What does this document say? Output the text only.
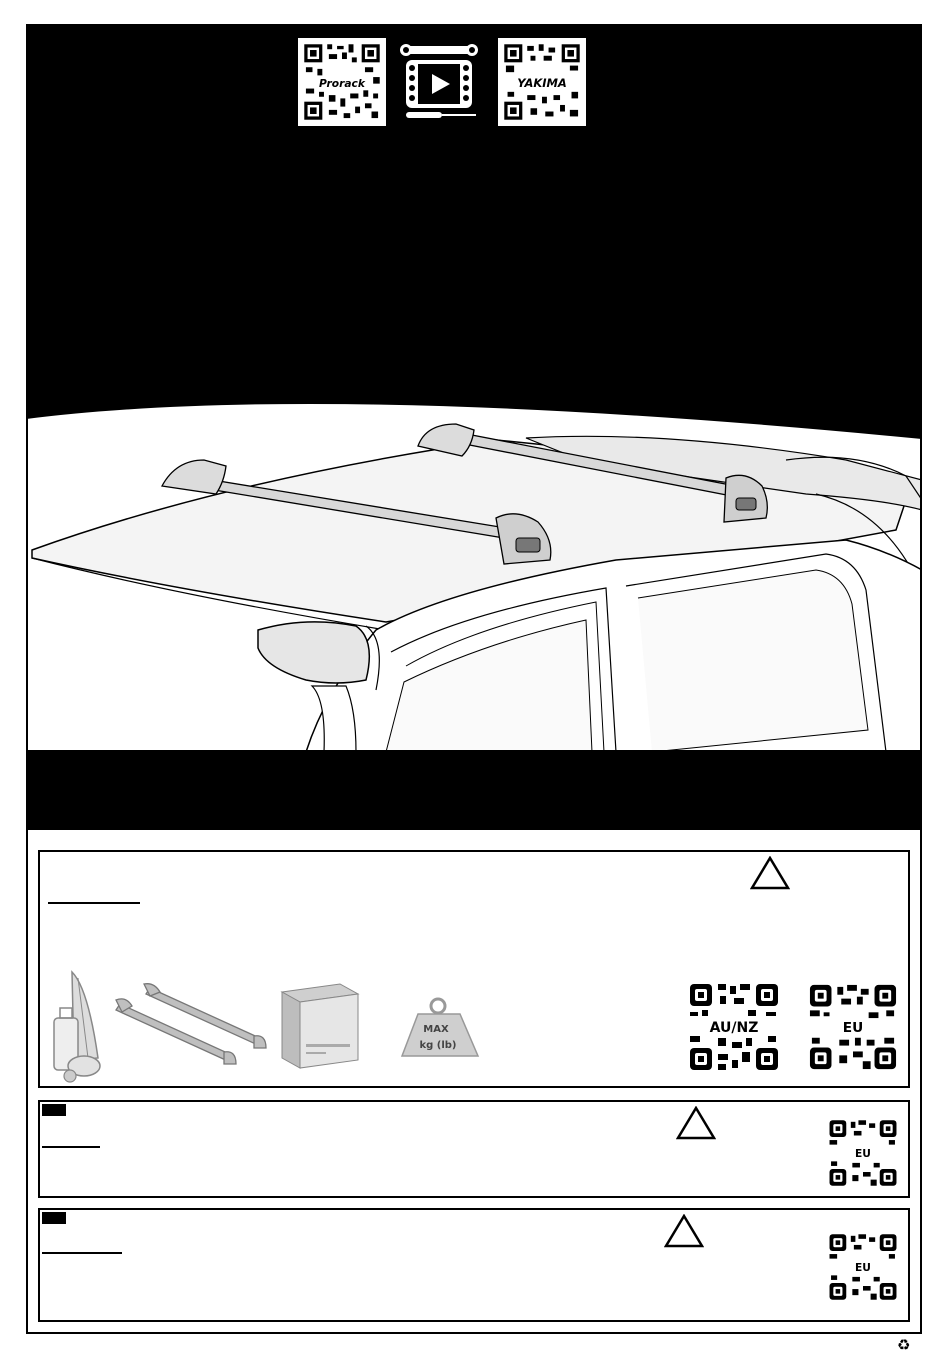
Prorack	YAKIMA
MAX
kg (lb)
AU/NZ	EU
EU
EU
♻
